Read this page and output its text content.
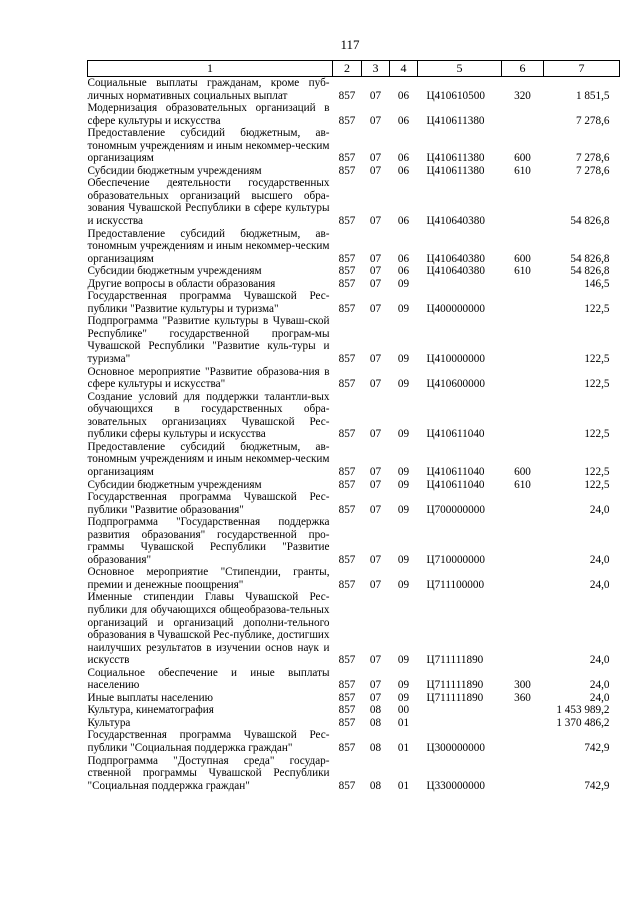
117
1	2	3	4	5	6	7
Социальные выплаты гражданам, кроме пуб-личных нормативных социальных выплат	857	07	06	Ц410610500	320	1 851,5
Модернизация образовательных организаций в сфере культуры и искусства	857	07	06	Ц410611380		7 278,6
Предоставление субсидий бюджетным, ав-тономным учреждениям и иным некоммер-ческим организациям	857	07	06	Ц410611380	600	7 278,6
Субсидии бюджетным учреждениям	857	07	06	Ц410611380	610	7 278,6
Обеспечение деятельности государственных образовательных организаций высшего обра-зования Чувашской Республики в сфере культуры и искусства	857	07	06	Ц410640380		54 826,8
Предоставление субсидий бюджетным, ав-тономным учреждениям и иным некоммер-ческим организациям	857	07	06	Ц410640380	600	54 826,8
Субсидии бюджетным учреждениям	857	07	06	Ц410640380	610	54 826,8
Другие вопросы в области образования	857	07	09			146,5
Государственная программа Чувашской Рес-публики "Развитие культуры и туризма"	857	07	09	Ц400000000		122,5
Подпрограмма "Развитие культуры в Чуваш-ской Республике" государственной програм-мы Чувашской Республики "Развитие куль-туры и туризма"	857	07	09	Ц410000000		122,5
Основное мероприятие "Развитие образова-ния в сфере культуры и искусства"	857	07	09	Ц410600000		122,5
Создание условий для поддержки талантли-вых обучающихся в государственных обра-зовательных организациях Чувашской Рес-публики сферы культуры и искусства	857	07	09	Ц410611040		122,5
Предоставление субсидий бюджетным, ав-тономным учреждениям и иным некоммер-ческим организациям	857	07	09	Ц410611040	600	122,5
Субсидии бюджетным учреждениям	857	07	09	Ц410611040	610	122,5
Государственная программа Чувашской Рес-публики "Развитие образования"	857	07	09	Ц700000000		24,0
Подпрограмма "Государственная поддержка развития образования" государственной про-граммы Чувашской Республики "Развитие образования"	857	07	09	Ц710000000		24,0
Основное мероприятие "Стипендии, гранты, премии и денежные поощрения"	857	07	09	Ц711100000		24,0
Именные стипендии Главы Чувашской Рес-публики для обучающихся общеобразова-тельных организаций и организаций дополни-тельного образования в Чувашской Рес-публике, достигших наилучших результатов в изучении основ наук и искусств	857	07	09	Ц711111890		24,0
Социальное обеспечение и иные выплаты населению	857	07	09	Ц711111890	300	24,0
Иные выплаты населению	857	07	09	Ц711111890	360	24,0
Культура, кинематография	857	08	00			1 453 989,2
Культура	857	08	01			1 370 486,2
Государственная программа Чувашской Рес-публики "Социальная поддержка граждан"	857	08	01	Ц300000000		742,9
Подпрограмма "Доступная среда" государ-ственной программы Чувашской Республики "Социальная поддержка граждан"	857	08	01	Ц330000000		742,9
